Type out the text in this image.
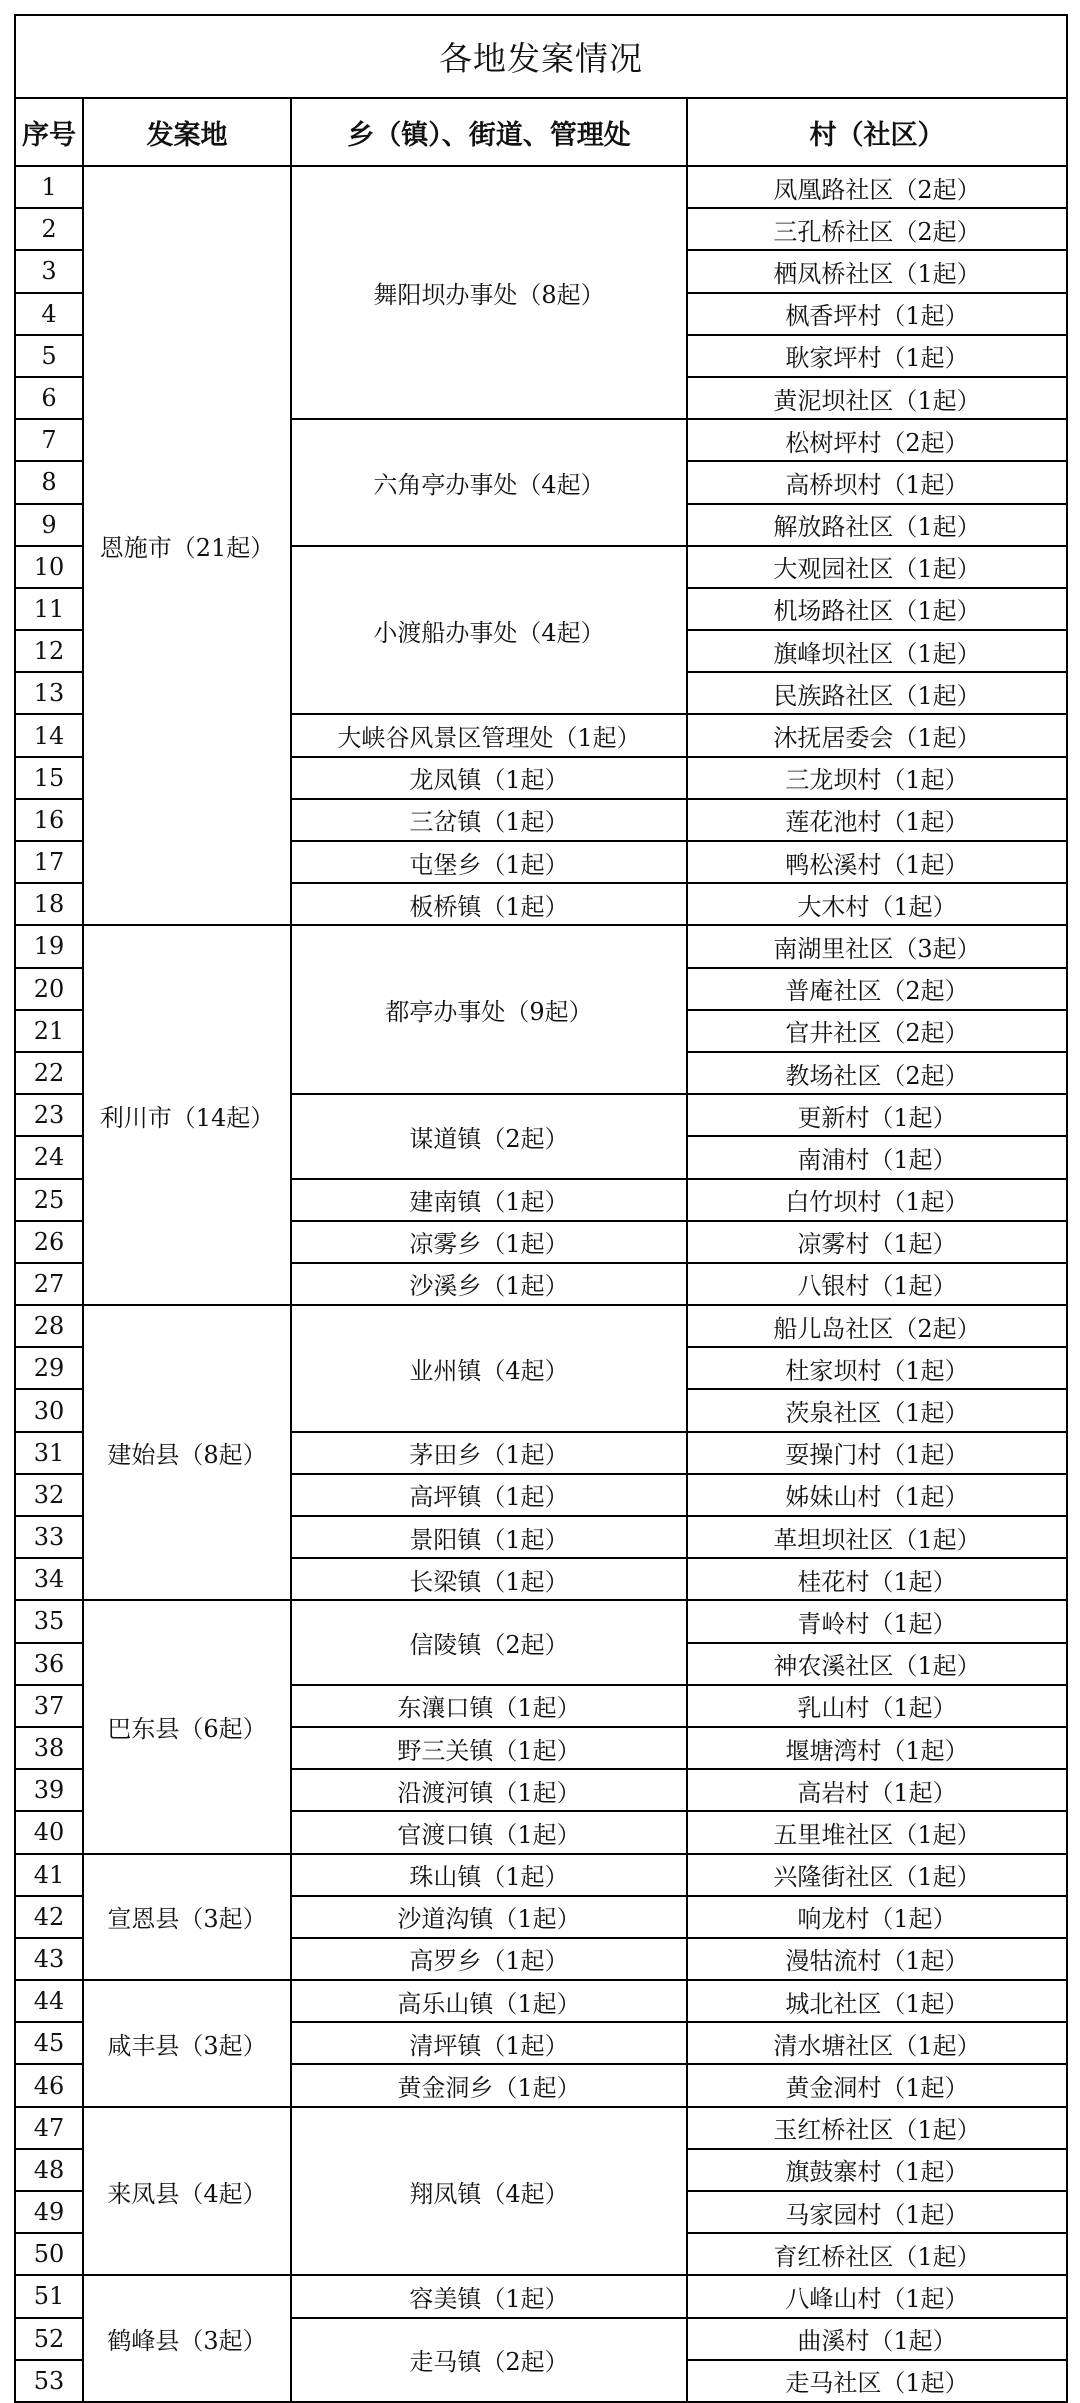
各地发案情况			
序号	发案地	乡（镇）、街道、管理处	村（社区）
1	恩施市（21起）	舞阳坝办事处（8起）	凤凰路社区（2起）
2			三孔桥社区（2起）
3			栖凤桥社区（1起）
4			枫香坪村（1起）
5			耿家坪村（1起）
6			黄泥坝社区（1起）
7		六角亭办事处（4起）	松树坪村（2起）
8			高桥坝村（1起）
9			解放路社区（1起）
10		小渡船办事处（4起）	大观园社区（1起）
11			机场路社区（1起）
12			旗峰坝社区（1起）
13			民族路社区（1起）
14		大峡谷风景区管理处（1起）	沐抚居委会（1起）
15		龙凤镇（1起）	三龙坝村（1起）
16		三岔镇（1起）	莲花池村（1起）
17		屯堡乡（1起）	鸭松溪村（1起）
18		板桥镇（1起）	大木村（1起）
19	利川市（14起）	都亭办事处（9起）	南湖里社区（3起）
20			普庵社区（2起）
21			官井社区（2起）
22			教场社区（2起）
23		谋道镇（2起）	更新村（1起）
24			南浦村（1起）
25		建南镇（1起）	白竹坝村（1起）
26		凉雾乡（1起）	凉雾村（1起）
27		沙溪乡（1起）	八银村（1起）
28	建始县（8起）	业州镇（4起）	船儿岛社区（2起）
29			杜家坝村（1起）
30			茨泉社区（1起）
31		茅田乡（1起）	耍操门村（1起）
32		高坪镇（1起）	姊妹山村（1起）
33		景阳镇（1起）	革坦坝社区（1起）
34		长梁镇（1起）	桂花村（1起）
35	巴东县（6起）	信陵镇（2起）	青岭村（1起）
36			神农溪社区（1起）
37		东瀼口镇（1起）	乳山村（1起）
38		野三关镇（1起）	堰塘湾村（1起）
39		沿渡河镇（1起）	高岩村（1起）
40		官渡口镇（1起）	五里堆社区（1起）
41	宣恩县（3起）	珠山镇（1起）	兴隆街社区（1起）
42		沙道沟镇（1起）	响龙村（1起）
43		高罗乡（1起）	漫牯流村（1起）
44	咸丰县（3起）	高乐山镇（1起）	城北社区（1起）
45		清坪镇（1起）	清水塘社区（1起）
46		黄金洞乡（1起）	黄金洞村（1起）
47	来凤县（4起）	翔凤镇（4起）	玉红桥社区（1起）
48			旗鼓寨村（1起）
49			马家园村（1起）
50			育红桥社区（1起）
51	鹤峰县（3起）	容美镇（1起）	八峰山村（1起）
52		走马镇（2起）	曲溪村（1起）
53			走马社区（1起）
